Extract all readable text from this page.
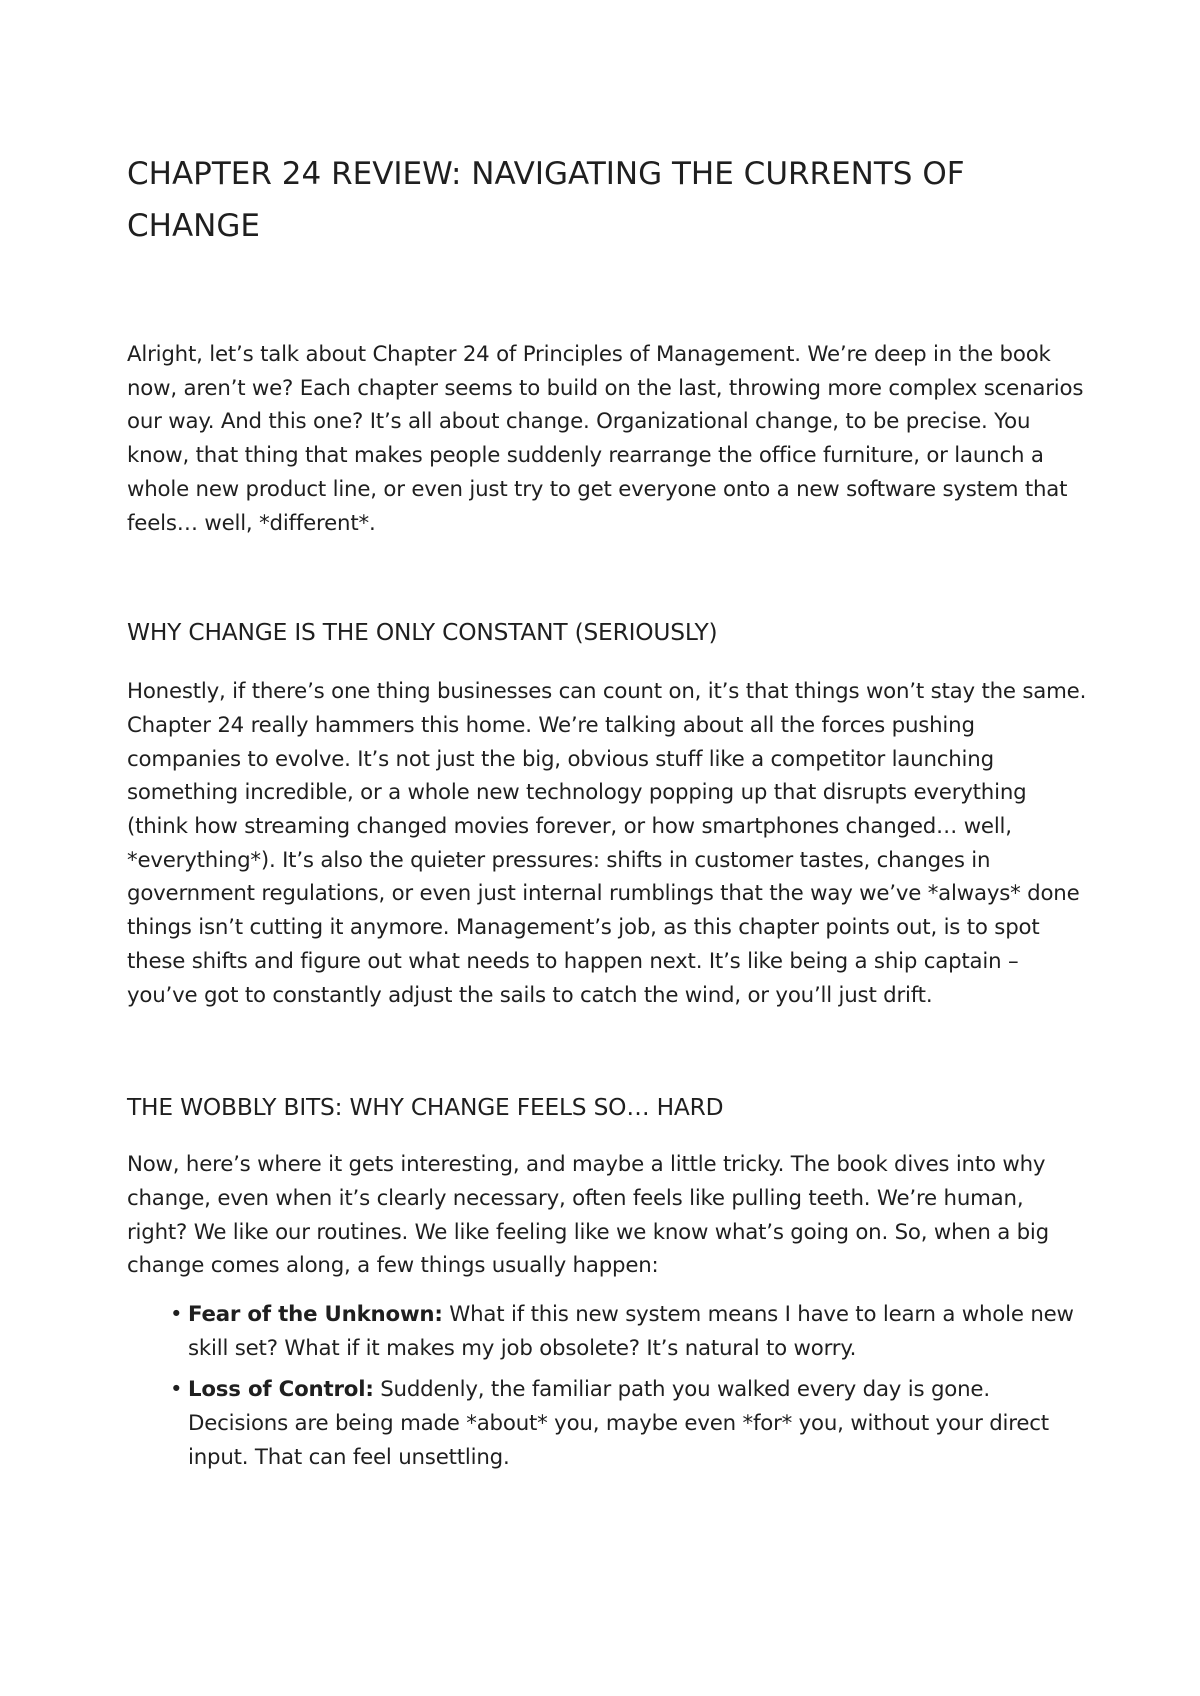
CHAPTER 24 REVIEW: NAVIGATING THE CURRENTS OF CHANGE

Alright, let’s talk about Chapter 24 of Principles of Management. We’re deep in the book now, aren’t we? Each chapter seems to build on the last, throwing more complex scenarios our way. And this one? It’s all about change. Organizational change, to be precise. You know, that thing that makes people suddenly rearrange the office furniture, or launch a whole new product line, or even just try to get everyone onto a new software system that feels… well, *different*.

WHY CHANGE IS THE ONLY CONSTANT (SERIOUSLY)

Honestly, if there’s one thing businesses can count on, it’s that things won’t stay the same. Chapter 24 really hammers this home. We’re talking about all the forces pushing companies to evolve. It’s not just the big, obvious stuff like a competitor launching something incredible, or a whole new technology popping up that disrupts everything (think how streaming changed movies forever, or how smartphones changed… well, *everything*). It’s also the quieter pressures: shifts in customer tastes, changes in government regulations, or even just internal rumblings that the way we’ve *always* done things isn’t cutting it anymore. Management’s job, as this chapter points out, is to spot these shifts and figure out what needs to happen next. It’s like being a ship captain – you’ve got to constantly adjust the sails to catch the wind, or you’ll just drift.

THE WOBBLY BITS: WHY CHANGE FEELS SO… HARD

Now, here’s where it gets interesting, and maybe a little tricky. The book dives into why change, even when it’s clearly necessary, often feels like pulling teeth. We’re human, right? We like our routines. We like feeling like we know what’s going on. So, when a big change comes along, a few things usually happen:

• Fear of the Unknown: What if this new system means I have to learn a whole new skill set? What if it makes my job obsolete? It’s natural to worry.
• Loss of Control: Suddenly, the familiar path you walked every day is gone. Decisions are being made *about* you, maybe even *for* you, without your direct input. That can feel unsettling.
